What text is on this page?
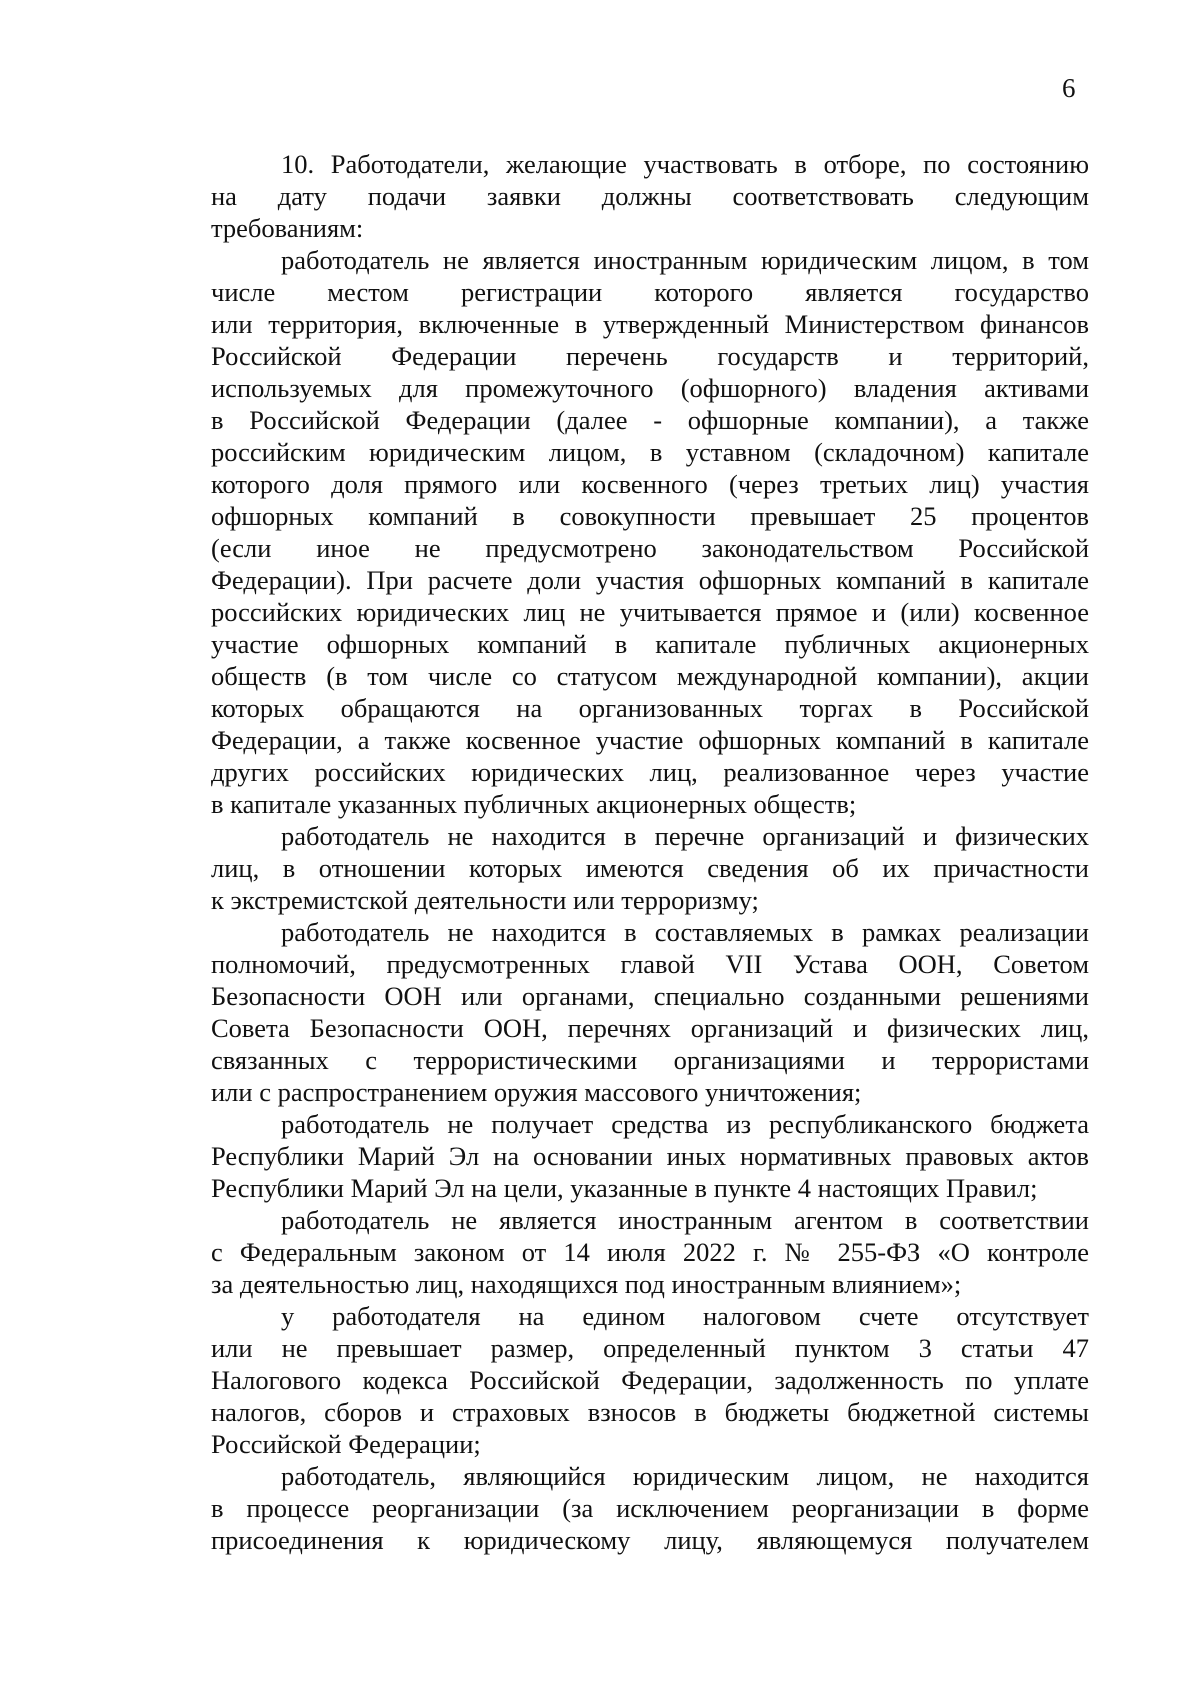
6
10. Работодатели, желающие участвовать в отборе, по состоянию
на дату подачи заявки должны соответствовать следующим
требованиям:
работодатель не является иностранным юридическим лицом, в том
числе местом регистрации которого является государство
или территория, включенные в утвержденный Министерством финансов
Российской Федерации перечень государств и территорий,
используемых для промежуточного (офшорного) владения активами
в Российской Федерации (далее - офшорные компании), а также
российским юридическим лицом, в уставном (складочном) капитале
которого доля прямого или косвенного (через третьих лиц) участия
офшорных компаний в совокупности превышает 25 процентов
(если иное не предусмотрено законодательством Российской
Федерации). При расчете доли участия офшорных компаний в капитале
российских юридических лиц не учитывается прямое и (или) косвенное
участие офшорных компаний в капитале публичных акционерных
обществ (в том числе со статусом международной компании), акции
которых обращаются на организованных торгах в Российской
Федерации, а также косвенное участие офшорных компаний в капитале
других российских юридических лиц, реализованное через участие
в капитале указанных публичных акционерных обществ;
работодатель не находится в перечне организаций и физических
лиц, в отношении которых имеются сведения об их причастности
к экстремистской деятельности или терроризму;
работодатель не находится в составляемых в рамках реализации
полномочий, предусмотренных главой VII Устава ООН, Советом
Безопасности ООН или органами, специально созданными решениями
Совета Безопасности ООН, перечнях организаций и физических лиц,
связанных с террористическими организациями и террористами
или с распространением оружия массового уничтожения;
работодатель не получает средства из республиканского бюджета
Республики Марий Эл на основании иных нормативных правовых актов
Республики Марий Эл на цели, указанные в пункте 4 настоящих Правил;
работодатель не является иностранным агентом в соответствии
с Федеральным законом от 14 июля 2022 г. № 255-ФЗ «О контроле
за деятельностью лиц, находящихся под иностранным влиянием»;
у работодателя на едином налоговом счете отсутствует
или не превышает размер, определенный пунктом 3 статьи 47
Налогового кодекса Российской Федерации, задолженность по уплате
налогов, сборов и страховых взносов в бюджеты бюджетной системы
Российской Федерации;
работодатель, являющийся юридическим лицом, не находится
в процессе реорганизации (за исключением реорганизации в форме
присоединения к юридическому лицу, являющемуся получателем
